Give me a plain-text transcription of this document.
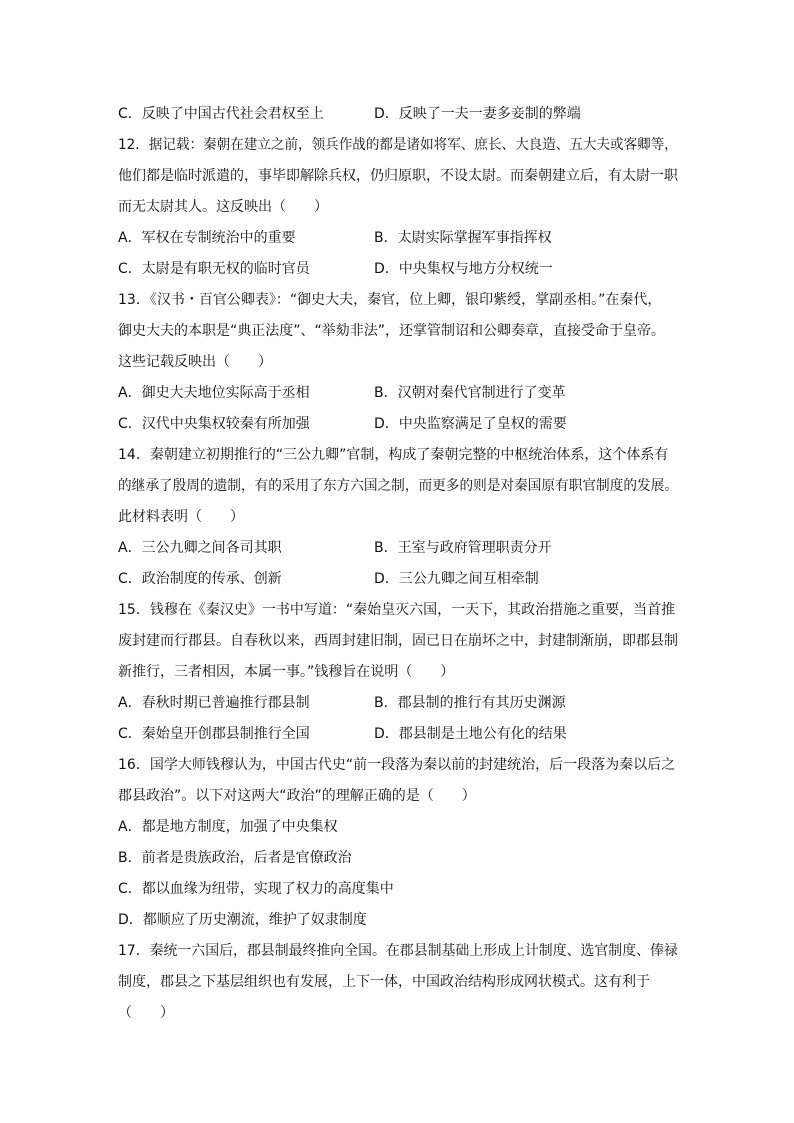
C．反映了中国古代社会君权至上	D．反映了一夫一妻多妾制的弊端
12．据记载：秦朝在建立之前，领兵作战的都是诸如将军、庶长、大良造、五大夫或客卿等，
他们都是临时派遣的，事毕即解除兵权，仍归原职，不设太尉。而秦朝建立后，有太尉一职
而无太尉其人。这反映出（　　）
A．军权在专制统治中的重要	B．太尉实际掌握军事指挥权
C．太尉是有职无权的临时官员	D．中央集权与地方分权统一
13．《汉书・百官公卿表》：“御史大夫，秦官，位上卿，银印紫绶，掌副丞相。”在秦代，
御史大夫的本职是“典正法度”、“举劾非法”，还掌管制诏和公卿奏章，直接受命于皇帝。
这些记载反映出（　　）
A．御史大夫地位实际高于丞相	B．汉朝对秦代官制进行了变革
C．汉代中央集权较秦有所加强	D．中央监察满足了皇权的需要
14．秦朝建立初期推行的“三公九卿”官制，构成了秦朝完整的中枢统治体系，这个体系有
的继承了殷周的遗制，有的采用了东方六国之制，而更多的则是对秦国原有职官制度的发展。
此材料表明（　　）
A．三公九卿之间各司其职	B．王室与政府管理职责分开
C．政治制度的传承、创新	D．三公九卿之间互相牵制
15．钱穆在《秦汉史》一书中写道：“秦始皇灭六国，一天下，其政治措施之重要，当首推
废封建而行郡县。自春秋以来，西周封建旧制，固已日在崩坏之中，封建制渐崩，即郡县制
新推行，三者相因，本属一事。”钱穆旨在说明（　　）
A．春秋时期已普遍推行郡县制	B．郡县制的推行有其历史渊源
C．秦始皇开创郡县制推行全国	D．郡县制是土地公有化的结果
16．国学大师钱穆认为，中国古代史“前一段落为秦以前的封建统治，后一段落为秦以后之
郡县政治”。以下对这两大“政治”的理解正确的是（　　）
A．都是地方制度，加强了中央集权
B．前者是贵族政治，后者是官僚政治
C．都以血缘为纽带，实现了权力的高度集中
D．都顺应了历史潮流，维护了奴隶制度
17．秦统一六国后，郡县制最终推向全国。在郡县制基础上形成上计制度、选官制度、俸禄
制度，郡县之下基层组织也有发展，上下一体，中国政治结构形成网状模式。这有利于
（　　）
